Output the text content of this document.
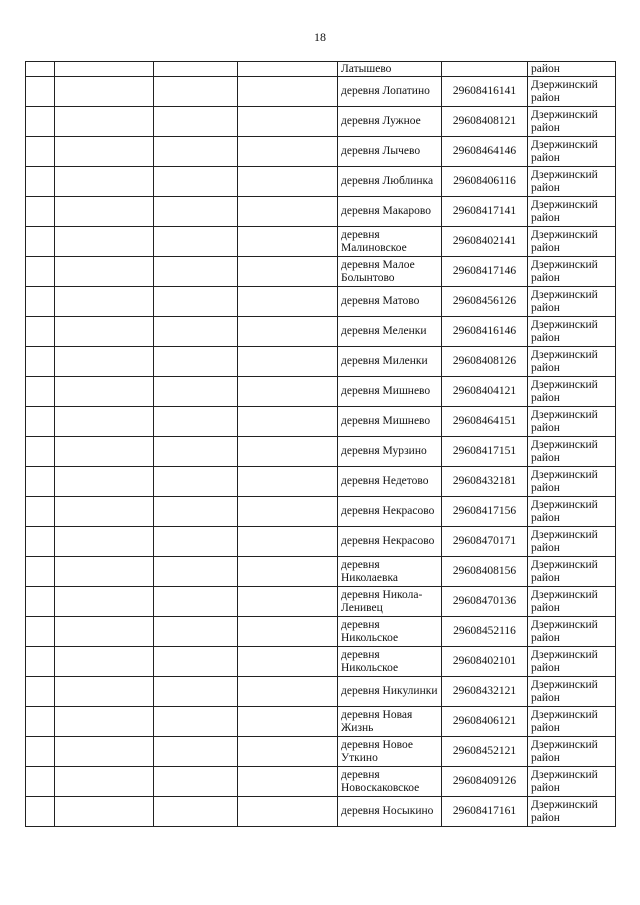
18
				Латышево		район
				деревня Лопатино	29608416141	Дзержинский район
				деревня Лужное	29608408121	Дзержинский район
				деревня Лычево	29608464146	Дзержинский район
				деревня Люблинка	29608406116	Дзержинский район
				деревня Макарово	29608417141	Дзержинский район
				деревня Малиновское	29608402141	Дзержинский район
				деревня Малое Болынтово	29608417146	Дзержинский район
				деревня Матово	29608456126	Дзержинский район
				деревня Меленки	29608416146	Дзержинский район
				деревня Миленки	29608408126	Дзержинский район
				деревня Мишнево	29608404121	Дзержинский район
				деревня Мишнево	29608464151	Дзержинский район
				деревня Мурзино	29608417151	Дзержинский район
				деревня Недетово	29608432181	Дзержинский район
				деревня Некрасово	29608417156	Дзержинский район
				деревня Некрасово	29608470171	Дзержинский район
				деревня Николаевка	29608408156	Дзержинский район
				деревня Никола-Ленивец	29608470136	Дзержинский район
				деревня Никольское	29608452116	Дзержинский район
				деревня Никольское	29608402101	Дзержинский район
				деревня Никулинки	29608432121	Дзержинский район
				деревня Новая Жизнь	29608406121	Дзержинский район
				деревня Новое Уткино	29608452121	Дзержинский район
				деревня Новоскаковское	29608409126	Дзержинский район
				деревня Носыкино	29608417161	Дзержинский район
